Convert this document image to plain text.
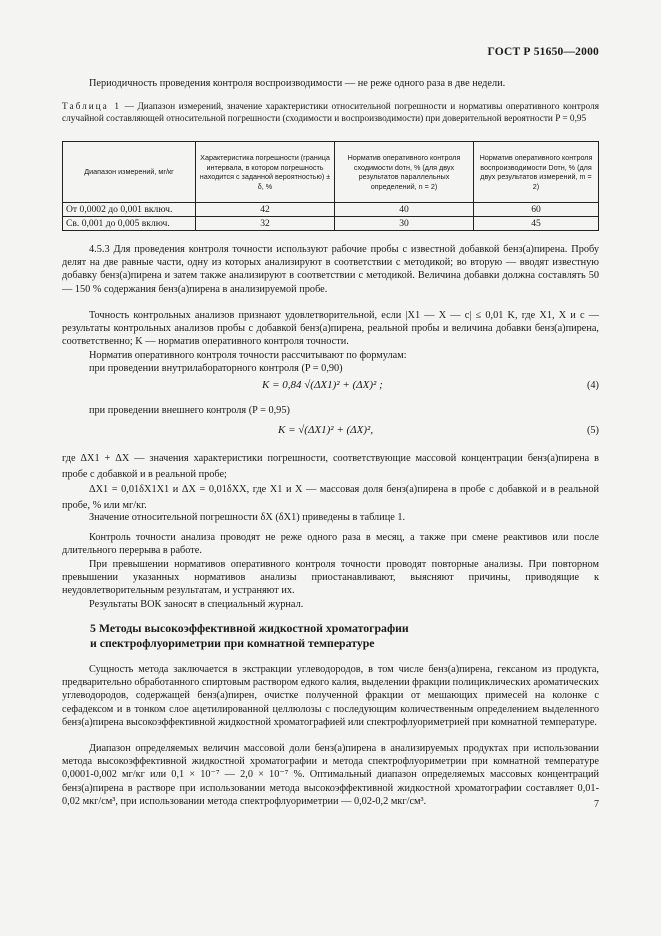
ГОСТ Р 51650—2000
Периодичность проведения контроля воспроизводимости — не реже одного раза в две недели.
Таблица 1 — Диапазон измерений, значение характеристики относительной погрешности и нормативы оперативного контроля случайной составляющей относительной погрешности (сходимости и воспроизводимости) при доверительной вероятности P = 0,95
Диапазон измерений, мг/кг	Характеристика погрешности (граница интервала, в котором погрешность находится с заданной вероятностью) ± δ, %	Норматив оперативного контроля сходимости dотн, % (для двух результатов параллельных определений, n = 2)	Норматив оперативного контроля воспроизводимости Dотн, % (для двух результатов измерений, m = 2)
От 0,0002 до 0,001 включ.	42	40	60
Св. 0,001 до 0,005 включ.	32	30	45
4.5.3 Для проведения контроля точности используют рабочие пробы с известной добавкой бенз(а)пирена. Пробу делят на две равные части, одну из которых анализируют в соответствии с методикой; во вторую — вводят известную добавку бенз(а)пирена и затем также анализируют в соответствии с методикой. Величина добавки должна составлять 50 — 150 % содержания бенз(а)пирена в анализируемой пробе.
Точность контрольных анализов признают удовлетворительной, если |X1 — X — c| ≤ 0,01 K, где X1, X и c — результаты контрольных анализов пробы с добавкой бенз(а)пирена, реальной пробы и величина добавки бенз(а)пирена, соответственно; K — норматив оперативного контроля точности.
Норматив оперативного контроля точности рассчитывают по формулам:
при проведении внутрилабораторного контроля (P = 0,90)
K = 0,84 √(ΔX1)² + (ΔX)² ;	(4)
при проведении внешнего контроля (P = 0,95)
K = √(ΔX1)² + (ΔX)²,	(5)
где ΔX1 + ΔX — значения характеристики погрешности, соответствующие массовой концентрации бенз(а)пирена в пробе с добавкой и в реальной пробе;
ΔX1 = 0,01δX1X1 и ΔX = 0,01δXX, где X1 и X — массовая доля бенз(а)пирена в пробе с добавкой и в реальной пробе, % или мг/кг.
Значение относительной погрешности δX (δX1) приведены в таблице 1.
Контроль точности анализа проводят не реже одного раза в месяц, а также при смене реактивов или после длительного перерыва в работе.
При превышении нормативов оперативного контроля точности проводят повторные анализы. При повторном превышении указанных нормативов анализы приостанавливают, выясняют причины, приводящие к неудовлетворительным результатам, и устраняют их.
Результаты ВОК заносят в специальный журнал.
5 Методы высокоэффективной жидкостной хроматографии
и спектрофлуориметрии при комнатной температуре
Сущность метода заключается в экстракции углеводородов, в том числе бенз(а)пирена, гексаном из продукта, предварительно обработанного спиртовым раствором едкого калия, выделении фракции полициклических ароматических углеводородов, содержащей бенз(а)пирен, очистке полученной фракции от мешающих примесей на колонке с сефадексом и в тонком слое ацетилированной целлюлозы с последующим количественным определением выделенного бенз(а)пирена высокоэффективной жидкостной хроматографией или спектрофлуориметрией при комнатной температуре.
Диапазон определяемых величин массовой доли бенз(а)пирена в анализируемых продуктах при использовании метода высокоэффективной жидкостной хроматографии и метода спектрофлуориметрии при комнатной температуре 0,0001-0,002 мг/кг или 0,1 × 10⁻⁷ — 2,0 × 10⁻⁷ %. Оптимальный диапазон определяемых массовых концентраций бенз(а)пирена в растворе при использовании метода высокоэффективной жидкостной хроматографии составляет 0,01-0,02 мкг/см³, при использовании метода спектрофлуориметрии — 0,02-0,2 мкг/см³.	7
